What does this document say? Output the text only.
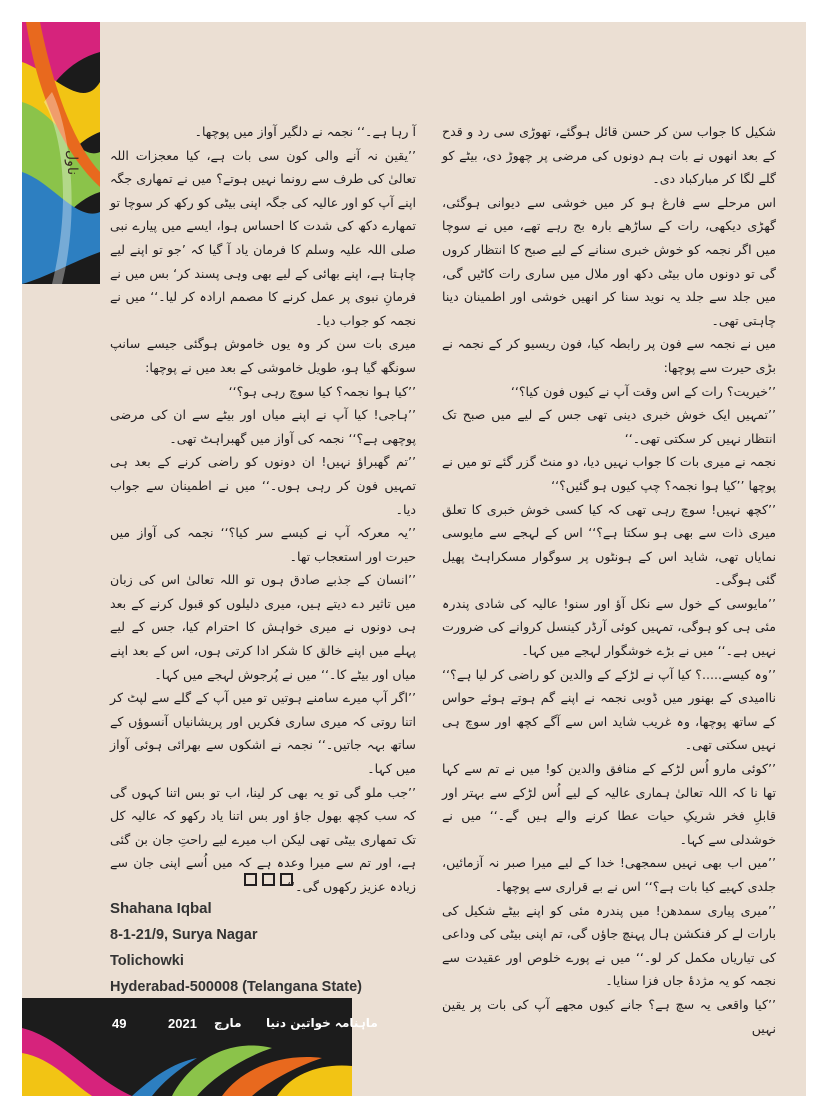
ناول

شکیل کا جواب سن کر حسن قائل ہوگئے، تھوڑی سی رد و قدح کے بعد انھوں نے بات ہم دونوں کی مرضی پر چھوڑ دی، بیٹے کو گلے لگا کر مبارکباد دی۔

اس مرحلے سے فارغ ہو کر میں خوشی سے دیوانی ہوگئی، گھڑی دیکھی، رات کے ساڑھے بارہ بج رہے تھے، میں نے سوچا میں اگر نجمہ کو خوش خبری سنانے کے لیے صبح کا انتظار کروں گی تو دونوں ماں بیٹی دکھ اور ملال میں ساری رات کاٹیں گی، میں جلد سے جلد یہ نوید سنا کر انھیں خوشی اور اطمینان دینا چاہتی تھی۔

میں نے نجمہ سے فون پر رابطہ کیا، فون ریسیو کر کے نجمہ نے بڑی حیرت سے پوچھا:

’’خیریت؟ رات کے اس وقت آپ نے کیوں فون کیا؟‘‘

’’تمہیں ایک خوش خبری دینی تھی جس کے لیے میں صبح تک انتظار نہیں کر سکتی تھی۔‘‘

نجمہ نے میری بات کا جواب نہیں دیا، دو منٹ گزر گئے تو میں نے پوچھا ’’کیا ہوا نجمہ؟ چپ کیوں ہو گئیں؟‘‘

’’کچھ نہیں! سوچ رہی تھی کہ کیا کسی خوش خبری کا تعلق میری ذات سے بھی ہو سکتا ہے؟‘‘ اس کے لہجے سے مایوسی نمایاں تھی، شاید اس کے ہونٹوں پر سوگوار مسکراہٹ پھیل گئی ہوگی۔

’’مایوسی کے خول سے نکل آؤ اور سنو! عالیہ کی شادی پندرہ مئی ہی کو ہوگی، تمہیں کوئی آرڈر کینسل کروانے کی ضرورت نہیں ہے۔‘‘ میں نے بڑے خوشگوار لہجے میں کہا۔

’’وہ کیسے.....؟ کیا آپ نے لڑکے کے والدین کو راضی کر لیا ہے؟‘‘ ناامیدی کے بھنور میں ڈوبی نجمہ نے اپنے گم ہوتے ہوئے حواس کے ساتھ پوچھا، وہ غریب شاید اس سے آگے کچھ اور سوچ ہی نہیں سکتی تھی۔

’’کوئی مارو اُس لڑکے کے منافق والدین کو! میں نے تم سے کہا تھا نا کہ اللہ تعالیٰ ہماری عالیہ کے لیے اُس لڑکے سے بہتر اور قابلِ فخر شریکِ حیات عطا کرنے والے ہیں گے۔‘‘ میں نے خوشدلی سے کہا۔

’’میں اب بھی نہیں سمجھی! خدا کے لیے میرا صبر نہ آزمائیں، جلدی کہیے کیا بات ہے؟‘‘ اس نے بے قراری سے پوچھا۔

’’میری پیاری سمدھن! میں پندرہ مئی کو اپنے بیٹے شکیل کی بارات لے کر فنکشن ہال پہنچ جاؤں گی، تم اپنی بیٹی کی وداعی کی تیاریاں مکمل کر لو۔‘‘ میں نے پورے خلوص اور عقیدت سے نجمہ کو یہ مژدۂ جاں فزا سنایا۔

’’کیا واقعی یہ سچ ہے؟ جانے کیوں مجھے آپ کی بات پر یقین نہیں

آ رہا ہے۔‘‘ نجمہ نے دلگیر آواز میں پوچھا۔

’’یقین نہ آنے والی کون سی بات ہے، کیا معجزات اللہ تعالیٰ کی طرف سے رونما نہیں ہوتے؟ میں نے تمھاری جگہ اپنے آپ کو اور عالیہ کی جگہ اپنی بیٹی کو رکھ کر سوچا تو تمھارے دکھ کی شدت کا احساس ہوا، ایسے میں پیارے نبی صلی اللہ علیہ وسلم کا فرمان یاد آ گیا کہ ’جو تو اپنے لیے چاہتا ہے، اپنے بھائی کے لیے بھی وہی پسند کر‘ بس میں نے فرمانِ نبوی پر عمل کرنے کا مصمم ارادہ کر لیا۔‘‘ میں نے نجمہ کو جواب دیا۔

میری بات سن کر وہ یوں خاموش ہوگئی جیسے سانپ سونگھ گیا ہو، طویل خاموشی کے بعد میں نے پوچھا:

’’کیا ہوا نجمہ؟ کیا سوچ رہی ہو؟‘‘

’’ہاجی! کیا آپ نے اپنے میاں اور بیٹے سے ان کی مرضی پوچھی ہے؟‘‘ نجمہ کی آواز میں گھبراہٹ تھی۔

’’تم گھبراؤ نہیں! ان دونوں کو راضی کرنے کے بعد ہی تمہیں فون کر رہی ہوں۔‘‘ میں نے اطمینان سے جواب دیا۔

’’یہ معرکہ آپ نے کیسے سر کیا؟‘‘ نجمہ کی آواز میں حیرت اور استعجاب تھا۔

’’انسان کے جذبے صادق ہوں تو اللہ تعالیٰ اس کی زبان میں تاثیر دے دیتے ہیں، میری دلیلوں کو قبول کرنے کے بعد ہی دونوں نے میری خواہش کا احترام کیا، جس کے لیے پہلے میں اپنے خالق کا شکر ادا کرتی ہوں، اس کے بعد اپنے میاں اور بیٹے کا۔‘‘ میں نے پُرجوش لہجے میں کہا۔

’’اگر آپ میرے سامنے ہوتیں تو میں آپ کے گلے سے لپٹ کر اتنا روتی کہ میری ساری فکریں اور پریشانیاں آنسوؤں کے ساتھ بہہ جاتیں۔‘‘ نجمہ نے اشکوں سے بھرائی ہوئی آواز میں کہا۔

’’جب ملو گی تو یہ بھی کر لینا، اب تو بس اتنا کہوں گی کہ سب کچھ بھول جاؤ اور بس اتنا یاد رکھو کہ عالیہ کل تک تمھاری بیٹی تھی لیکن اب میرے لیے راحتِ جان بن گئی ہے، اور تم سے میرا وعدہ ہے کہ میں اُسے اپنی جان سے زیادہ عزیز رکھوں گی۔‘‘

Shahana Iqbal
8-1-21/9, Surya Nagar
Tolichowki
Hyderabad-500008 (Telangana State)
49	2021 مارچ ماہنامہ خواتین دنیا
